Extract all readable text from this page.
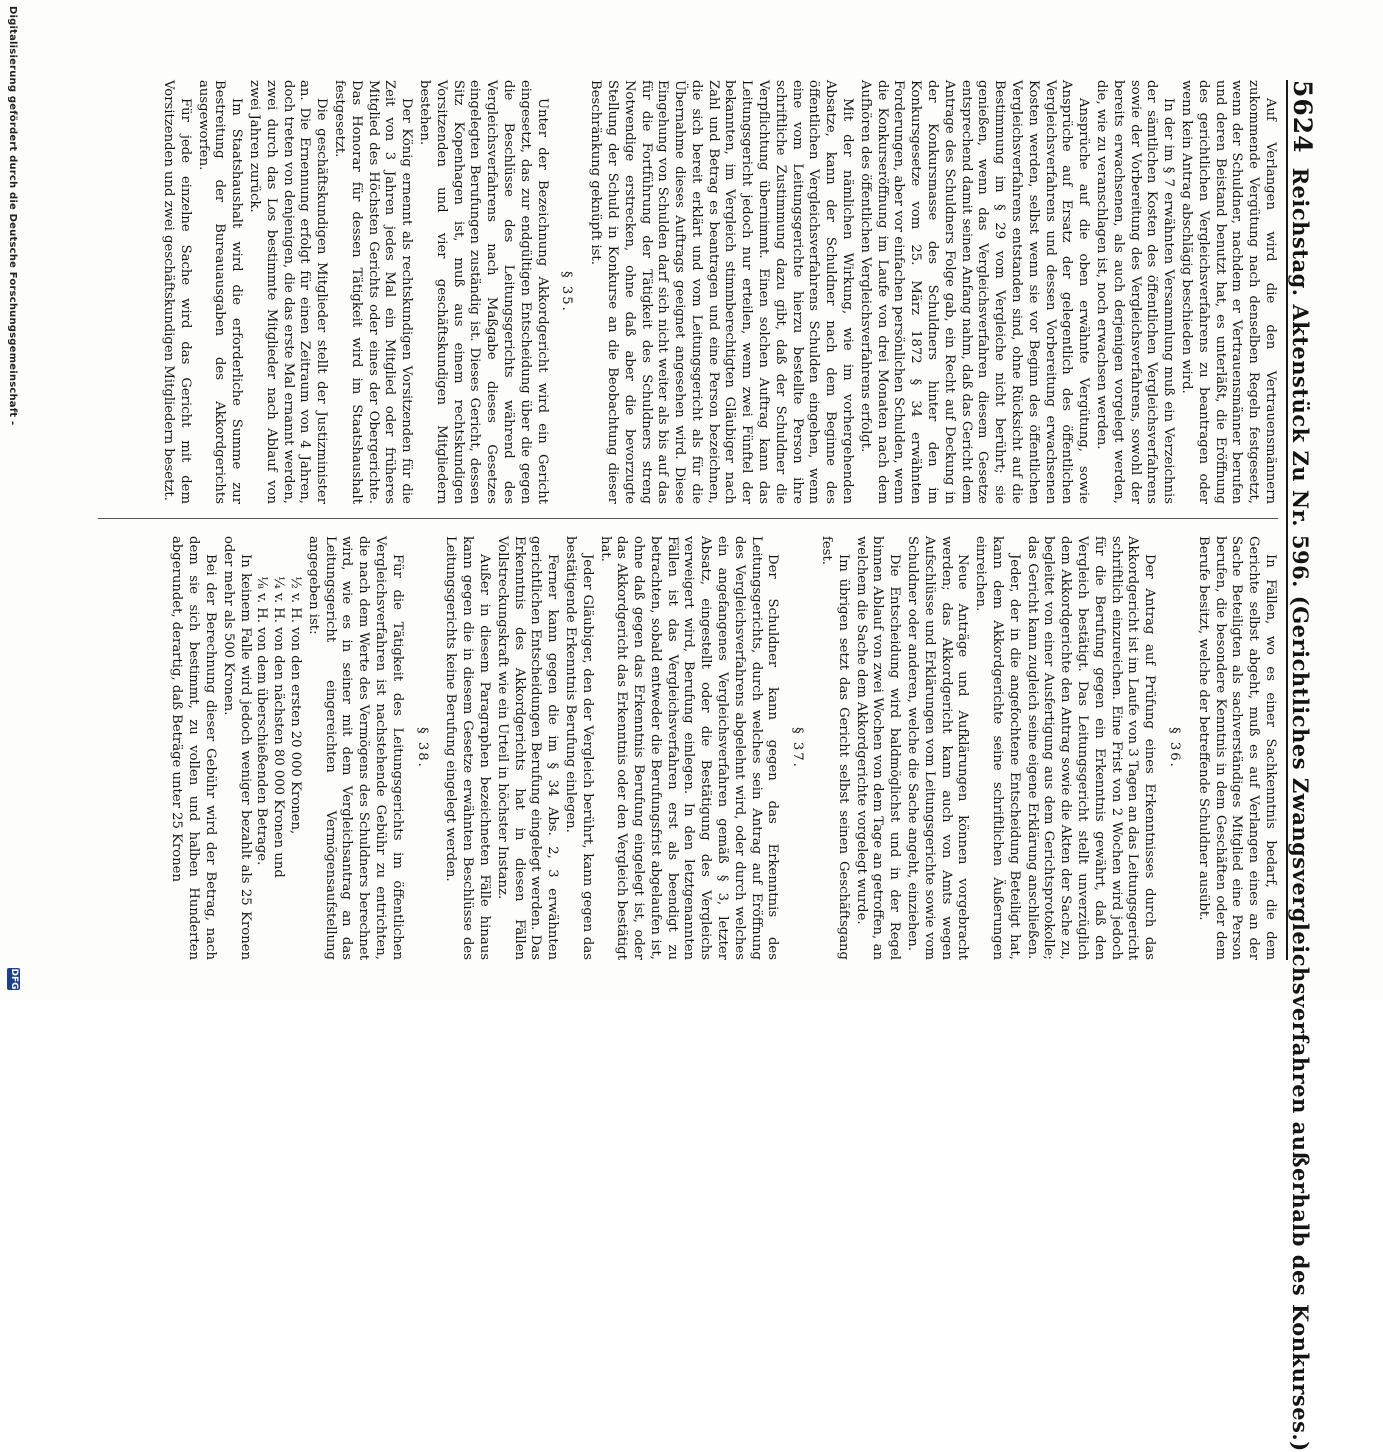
5624
Reichstag. Aktenstück Zu Nr. 596. (Gerichtliches Zwangsvergleichsverfahren außerhalb des Konkurses.)

Auf Verlangen wird die den Vertrauensmännern zukommende Vergütung nach denselben Regeln festgesetzt, wenn der Schuldner, nachdem er Vertrauensmänner berufen und deren Beistand benutzt hat, es unterläßt, die Eröffnung des gerichtlichen Vergleichsverfahrens zu beantragen oder wenn kein Antrag abschlägig beschieden wird.

In der im § 7 erwähnten Versammlung muß ein Verzeichnis der sämtlichen Kosten des öffentlichen Vergleichsverfahrens sowie der Vorbereitung des Vergleichsverfahrens, sowohl der bereits erwachsenen, als auch derjenigen vorgelegt werden, die, wie zu veranschlagen ist, noch erwachsen werden.

Ansprüche auf die oben erwähnte Vergütung, sowie Ansprüche auf Ersatz der gelegentlich des öffentlichen Vergleichsverfahrens und dessen Vorbereitung erwachsenen Kosten werden, selbst wenn sie vor Beginn des öffentlichen Vergleichsverfahrens entstanden sind, ohne Rücksicht auf die Bestimmung im § 29 vom Vergleiche nicht berührt; sie genießen, wenn das Vergleichsverfahren diesem Gesetze entsprechend damit seinen Anfang nahm, daß das Gericht dem Antrage des Schuldners Folge gab, ein Recht auf Deckung in der Konkursmasse des Schuldners hinter den im Konkursgesetze vom 25. März 1872 § 34 erwähnten Forderungen, aber vor einfachen persönlichen Schulden, wenn die Konkurseröffnung im Laufe von drei Monaten nach dem Aufhören des öffentlichen Vergleichsverfahrens erfolgt.

Mit der nämlichen Wirkung, wie im vorhergehenden Absatze, kann der Schuldner nach dem Beginne des öffentlichen Vergleichsverfahrens Schulden eingehen, wenn eine vom Leitungsgerichte hierzu bestellte Person ihre schriftliche Zustimmung dazu gibt, daß der Schuldner die Verpflichtung übernimmt. Einen solchen Auftrag kann das Leitungsgericht jedoch nur erteilen, wenn zwei Fünftel der bekannten, im Vergleich stimmberechtigten Gläubiger nach Zahl und Betrag es beantragen und eine Person bezeichnen, die sich bereit erklärt und vom Leitungsgericht als für die Übernahme dieses Auftrags geeignet angesehen wird. Diese Eingehung von Schulden darf sich nicht weiter als bis auf das für die Fortführung der Tätigkeit des Schuldners streng Notwendige erstrecken, ohne daß aber die bevorzugte Stellung der Schuld in Konkurse an die Beobachtung dieser Beschränkung geknüpft ist.

§ 35.

Unter der Bezeichnung Akkordgericht wird ein Gericht eingesetzt, das zur endgültigen Entscheidung über die gegen die Beschlüsse des Leitungsgerichts während des Vergleichsverfahrens nach Maßgabe dieses Gesetzes eingelegten Berufungen zuständig ist. Dieses Gericht, dessen Sitz Kopenhagen ist, muß aus einem rechtskundigen Vorsitzenden und vier geschäftskundigen Mitgliedern bestehen.

Der König ernennt als rechtskundigen Vorsitzenden für die Zeit von 3 Jahren jedes Mal ein Mitglied oder früheres Mitglied des Höchsten Gerichts oder eines der Obergerichte. Das Honorar für dessen Tätigkeit wird im Staatshaushalt festgesetzt.

Die geschäftskundigen Mitglieder stellt der Justizminister an. Die Ernennung erfolgt für einen Zeitraum von 4 Jahren, doch treten von denjenigen, die das erste Mal ernannt werden, zwei durch das Los bestimmte Mitglieder nach Ablauf von zwei Jahren zurück.

Im Staatshaushalt wird die erforderliche Summe zur Bestreitung der Bureauausgaben des Akkordgerichts ausgeworfen.

Für jede einzelne Sache wird das Gericht mit dem Vorsitzenden und zwei geschäftskundigen Mitgliedern besetzt.

In Fällen, wo es einer Sachkenntnis bedarf, die dem Gerichte selbst abgeht, muß es auf Verlangen eines an der Sache Beteiligten als sachverständiges Mitglied eine Person berufen, die besondere Kenntnis in dem Geschäften oder dem Berufe besitzt, welche der betreffende Schuldner ausübt.

§ 36.

Der Antrag auf Prüfung eines Erkenntnisses durch das Akkordgericht ist im Laufe von 3 Tagen an das Leitungsgericht schriftlich einzureichen. Eine Frist von 2 Wochen wird jedoch für die Berufung gegen ein Erkenntnis gewährt, daß den Vergleich bestätigt. Das Leitungsgericht stellt unverzüglich dem Akkordgerichte den Antrag sowie die Akten der Sache zu, begleitet von einer Ausfertigung aus dem Gerichtsprotokolle; das Gericht kann zugleich seine eigene Erklärung anschließen.

Jeder, der in die angefochtene Entscheidung Beteiligt hat, kann dem Akkordgerichte seine schriftlichen Äußerungen einreichen.

Neue Anträge und Aufklärungen können vorgebracht werden; das Akkordgericht kann auch von Amts wegen Aufschlüsse und Erklärungen vom Leitungsgerichte sowie vom Schuldner oder anderen, welche die Sache angeht, einziehen.

Die Entscheidung wird baldmöglichst und in der Regel binnen Ablauf von zwei Wochen von dem Tage an getroffen, an welchem die Sache dem Akkordgerichte vorgelegt wurde.

Im übrigen setzt das Gericht selbst seinen Geschäftsgang fest.

§ 37.

Der Schuldner kann gegen das Erkenntnis des Leitungsgerichts, durch welches sein Antrag auf Eröffnung des Vergleichsverfahrens abgelehnt wird, oder durch welches ein angefangenes Vergleichsverfahren gemäß § 3, letzter Absatz, eingestellt oder die Bestätigung des Vergleichs verweigert wird, Berufung einlegen. In den letztgenannten Fällen ist das Vergleichsverfahren erst als beendigt zu betrachten, sobald entweder die Berufungsfrist abgelaufen ist, ohne daß gegen das Erkenntnis Berufung eingelegt ist, oder das Akkordgericht das Erkenntnis oder den Vergleich bestätigt hat.

Jeder Gläubiger, den der Vergleich berührt, kann gegen das bestätigende Erkenntnis Berufung einlegen.

Ferner kann gegen die im § 34 Abs. 2, 3 erwähnten gerichtlichen Entscheidungen Berufung eingelegt werden. Das Erkenntnis des Akkordgerichts hat in diesen Fällen Vollstreckungskraft wie ein Urteil in höchster Instanz.

Außer in diesem Paragraphen bezeichneten Fälle hinaus kann gegen die in diesem Gesetze erwähnten Beschlüsse des Leitungsgerichts keine Berufung eingelegt werden.

§ 38.

Für die Tätigkeit des Leitungsgerichts im öffentlichen Vergleichsverfahren ist nachstehende Gebühr zu entrichten, die nach dem Werte des Vermögens des Schuldners berechnet wird, wie es in seiner mit dem Vergleichsantrag an das Leitungsgericht eingereichten Vermögensaufstellung angegeben ist:

½ v. H. von den ersten 20 000 Kronen,

¼ v. H. von den nächsten 80 000 Kronen und

⅛ v. H. von dem überschießenden Betrage.

In keinem Falle wird jedoch weniger bezahlt als 25 Kronen oder mehr als 500 Kronen.

Bei der Berechnung dieser Gebühr wird der Betrag, nach dem sie sich bestimmt, zu vollen und halben Hunderten abgerundet, derartig, daß Beträge unter 25 Kronen

Digitalisierung gefördert durch die Deutsche Forschungsgemeinschaft -
DFG
